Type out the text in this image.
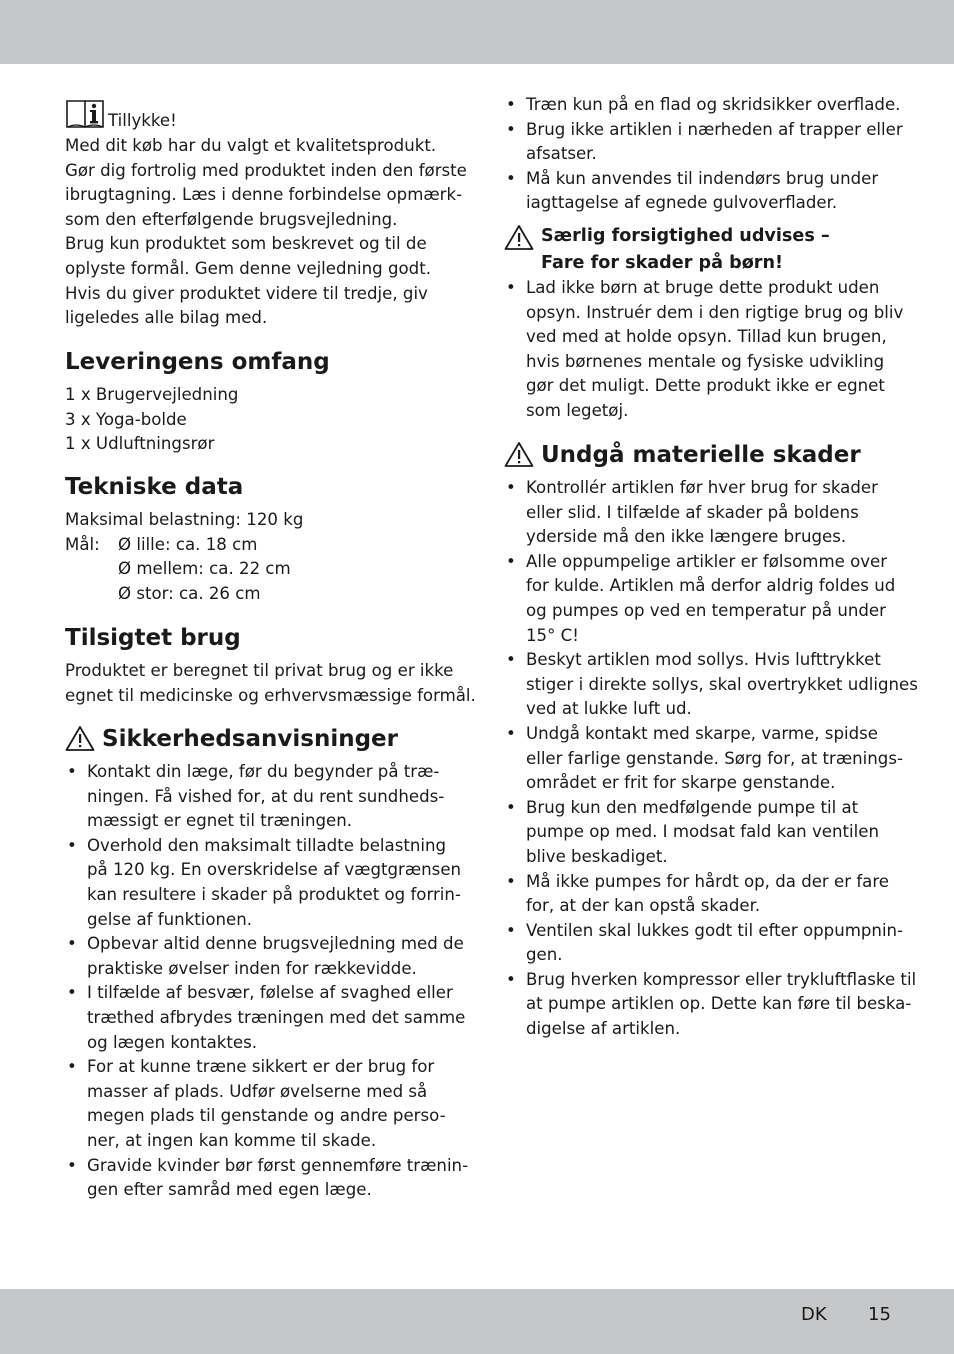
Tillykke!

Med dit køb har du valgt et kvalitetsprodukt.

Gør dig fortrolig med produktet inden den første

ibrugtagning. Læs i denne forbindelse opmærk-

som den efterfølgende brugsvejledning.

Brug kun produktet som beskrevet og til de

oplyste formål. Gem denne vejledning godt.

Hvis du giver produktet videre til tredje, giv

ligeledes alle bilag med.

Leveringens omfang

1 x Brugervejledning

3 x Yoga-bolde

1 x Udluftningsrør

Tekniske data

Maksimal belastning: 120 kg

Mål: Ø lille: ca. 18 cm

Ø mellem: ca. 22 cm

Ø stor: ca. 26 cm

Tilsigtet brug

Produktet er beregnet til privat brug og er ikke

egnet til medicinske og erhvervsmæssige formål.

Sikkerhedsanvisninger
• Kontakt din læge, før du begynder på træ-
ningen. Få vished for, at du rent sundheds-
mæssigt er egnet til træningen.
• Overhold den maksimalt tilladte belastning
på 120 kg. En overskridelse af vægtgrænsen
kan resultere i skader på produktet og forrin-
gelse af funktionen.
• Opbevar altid denne brugsvejledning med de
praktiske øvelser inden for rækkevidde.
• I tilfælde af besvær, følelse af svaghed eller
træthed afbrydes træningen med det samme
og lægen kontaktes.
• For at kunne træne sikkert er der brug for
masser af plads. Udfør øvelserne med så
megen plads til genstande og andre perso-
ner, at ingen kan komme til skade.
• Gravide kvinder bør først gennemføre trænin-
gen efter samråd med egen læge.
• Træn kun på en flad og skridsikker overflade.
• Brug ikke artiklen i nærheden af trapper eller
afsatser.
• Må kun anvendes til indendørs brug under
iagttagelse af egnede gulvoverflader.
Særlig forsigtighed udvises –
Fare for skader på børn!
• Lad ikke børn at bruge dette produkt uden
opsyn. Instruér dem i den rigtige brug og bliv
ved med at holde opsyn. Tillad kun brugen,
hvis børnenes mentale og fysiske udvikling
gør det muligt. Dette produkt ikke er egnet
som legetøj.
Undgå materielle skader
• Kontrollér artiklen før hver brug for skader
eller slid. I tilfælde af skader på boldens
yderside må den ikke længere bruges.
• Alle oppumpelige artikler er følsomme over
for kulde. Artiklen må derfor aldrig foldes ud
og pumpes op ved en temperatur på under
15° C!
• Beskyt artiklen mod sollys. Hvis lufttrykket
stiger i direkte sollys, skal overtrykket udlignes
ved at lukke luft ud.
• Undgå kontakt med skarpe, varme, spidse
eller farlige genstande. Sørg for, at trænings-
området er frit for skarpe genstande.
• Brug kun den medfølgende pumpe til at
pumpe op med. I modsat fald kan ventilen
blive beskadiget.
• Må ikke pumpes for hårdt op, da der er fare
for, at der kan opstå skader.
• Ventilen skal lukkes godt til efter oppumpnin-
gen.
• Brug hverken kompressor eller trykluftflaske til
at pumpe artiklen op. Dette kan føre til beska-
digelse af artiklen.
DK 15
